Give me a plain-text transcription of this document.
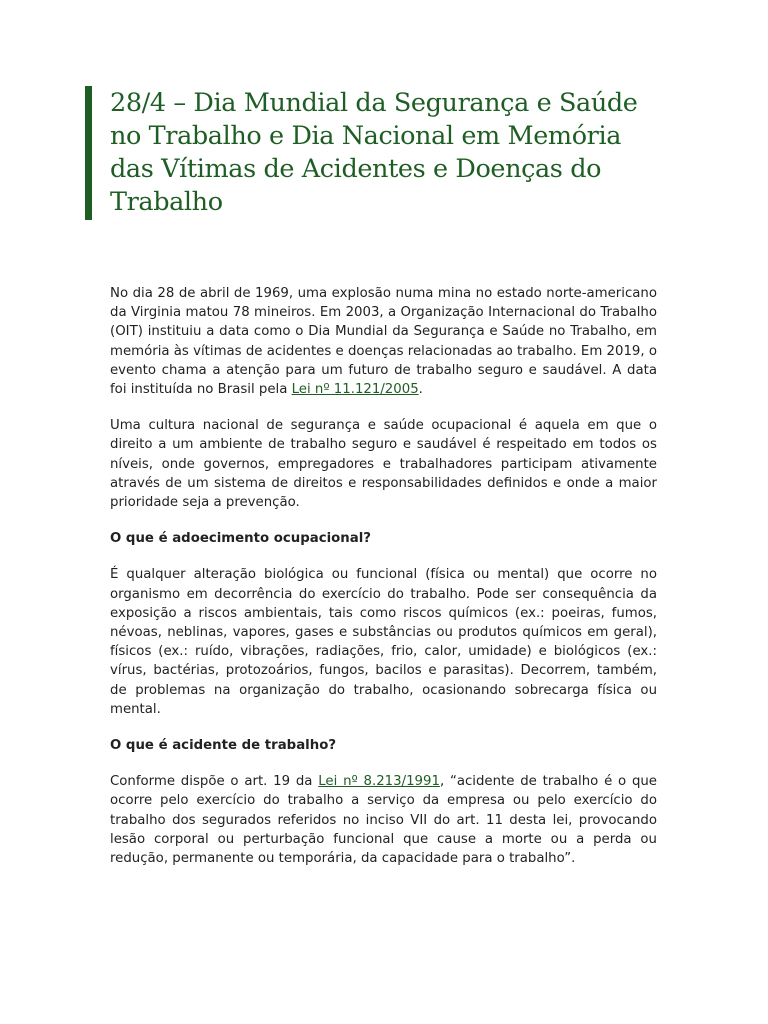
28/4 – Dia Mundial da Segurança e Saúde no Trabalho e Dia Nacional em Memória das Vítimas de Acidentes e Doenças do Trabalho

No dia 28 de abril de 1969, uma explosão numa mina no estado norte-americano da Virginia matou 78 mineiros. Em 2003, a Organização Internacional do Trabalho (OIT) instituiu a data como o Dia Mundial da Segurança e Saúde no Trabalho, em memória às vítimas de acidentes e doenças relacionadas ao trabalho. Em 2019, o evento chama a atenção para um futuro de trabalho seguro e saudável. A data foi instituída no Brasil pela Lei nº 11.121/2005.

Uma cultura nacional de segurança e saúde ocupacional é aquela em que o direito a um ambiente de trabalho seguro e saudável é respeitado em todos os níveis, onde governos, empregadores e trabalhadores participam ativamente através de um sistema de direitos e responsabilidades definidos e onde a maior prioridade seja a prevenção.

O que é adoecimento ocupacional?

É qualquer alteração biológica ou funcional (física ou mental) que ocorre no organismo em decorrência do exercício do trabalho. Pode ser consequência da exposição a riscos ambientais, tais como riscos químicos (ex.: poeiras, fumos, névoas, neblinas, vapores, gases e substâncias ou produtos químicos em geral), físicos (ex.: ruído, vibrações, radiações, frio, calor, umidade) e biológicos (ex.: vírus, bactérias, protozoários, fungos, bacilos e parasitas). Decorrem, também, de problemas na organização do trabalho, ocasionando sobrecarga física ou mental.

O que é acidente de trabalho?

Conforme dispõe o art. 19 da Lei nº 8.213/1991, “acidente de trabalho é o que ocorre pelo exercício do trabalho a serviço da empresa ou pelo exercício do trabalho dos segurados referidos no inciso VII do art. 11 desta lei, provocando lesão corporal ou perturbação funcional que cause a morte ou a perda ou redução, permanente ou temporária, da capacidade para o trabalho”.
